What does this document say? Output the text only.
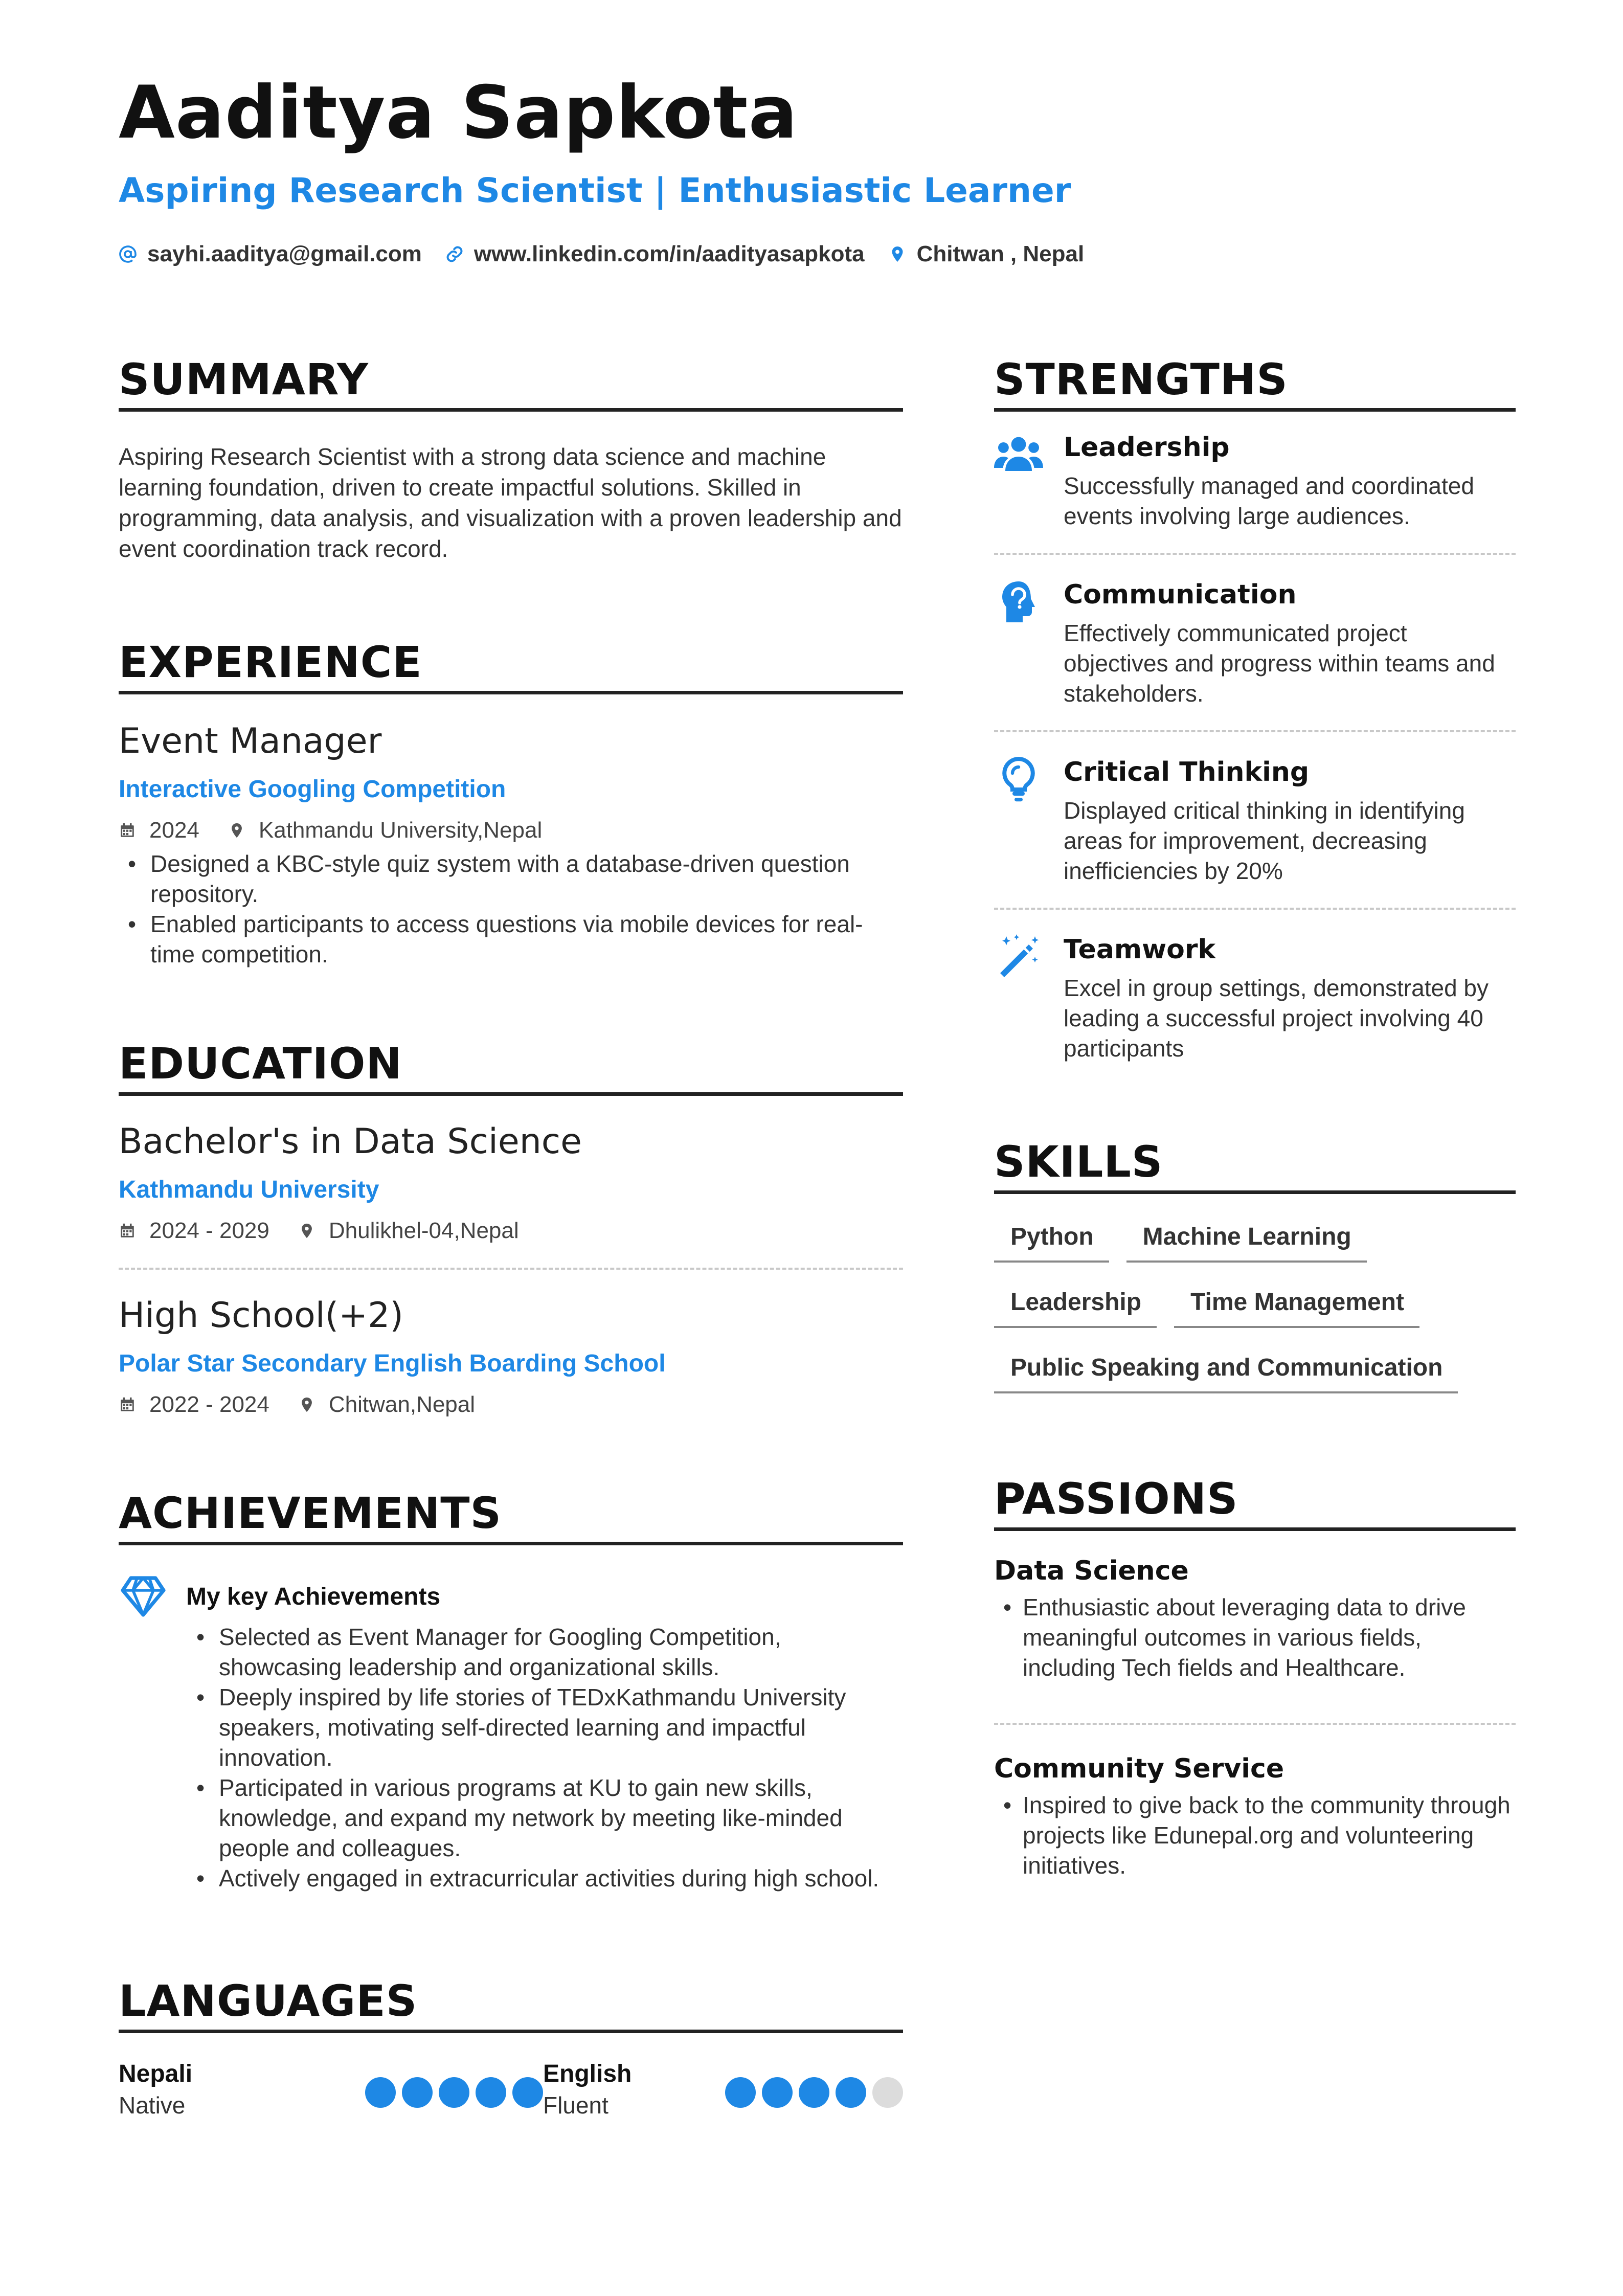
Aaditya Sapkota
Aspiring Research Scientist | Enthusiastic Learner
sayhi.aaditya@gmail.com www.linkedin.com/in/aadityasapkota Chitwan , Nepal
SUMMARY

Aspiring Research Scientist with a strong data science and machine learning foundation, driven to create impactful solutions. Skilled in programming, data analysis, and visualization with a proven leadership and event coordination track record.

EXPERIENCE
Event Manager
Interactive Googling Competition
2024	Kathmandu University,Nepal
• Designed a KBC-style quiz system with a database-driven question repository.
• Enabled participants to access questions via mobile devices for real-time competition.
EDUCATION
Bachelor's in Data Science
Kathmandu University
2024 - 2029	Dhulikhel-04,Nepal
High School(+2)
Polar Star Secondary English Boarding School
2022 - 2024	Chitwan,Nepal
ACHIEVEMENTS
My key Achievements
• Selected as Event Manager for Googling Competition, showcasing leadership and organizational skills.
• Deeply inspired by life stories of TEDxKathmandu University speakers, motivating self-directed learning and impactful innovation.
• Participated in various programs at KU to gain new skills, knowledge, and expand my network by meeting like-minded people and colleagues.
• Actively engaged in extracurricular activities during high school.
LANGUAGES
Nepali
Native
English
Fluent
STRENGTHS
Leadership
Successfully managed and coordinated events involving large audiences.
Communication
Effectively communicated project objectives and progress within teams and stakeholders.
Critical Thinking
Displayed critical thinking in identifying areas for improvement, decreasing inefficiencies by 20%
Teamwork
Excel in group settings, demonstrated by leading a successful project involving 40 participants
SKILLS
Python	Machine Learning
Leadership	Time Management
Public Speaking and Communication
PASSIONS
Data Science
• Enthusiastic about leveraging data to drive meaningful outcomes in various fields, including Tech fields and Healthcare.
Community Service
• Inspired to give back to the community through projects like Edunepal.org and volunteering initiatives.
